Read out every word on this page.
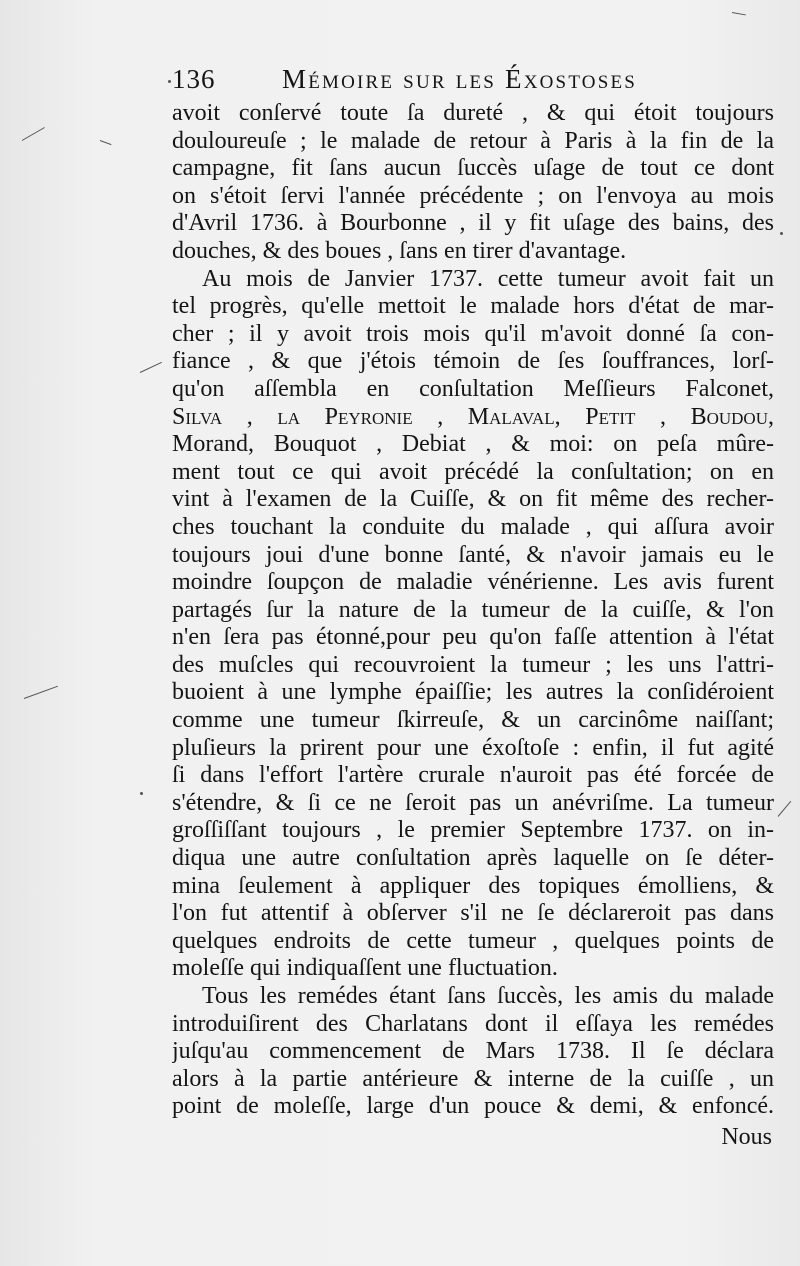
136 Mémoire sur les Éxostoses
avoit conſervé toute ſa dureté , & qui étoit toujours
douloureuſe ; le malade de retour à Paris à la fin de la
campagne, fit ſans aucun ſuccès uſage de tout ce dont
on s'étoit ſervi l'année précédente ; on l'envoya au mois
d'Avril 1736. à Bourbonne , il y fit uſage des bains, des
douches, & des boues , ſans en tirer d'avantage.
Au mois de Janvier 1737. cette tumeur avoit fait un
tel progrès, qu'elle mettoit le malade hors d'état de mar-
cher ; il y avoit trois mois qu'il m'avoit donné ſa con-
fiance , & que j'étois témoin de ſes ſouffrances, lorſ-
qu'on aſſembla en conſultation Meſſieurs Falconet,
Silva , la Peyronie , Malaval, Petit , Boudou,
Morand, Bouquot , Debiat , & moi: on peſa mûre-
ment tout ce qui avoit précédé la conſultation; on en
vint à l'examen de la Cuiſſe, & on fit même des recher-
ches touchant la conduite du malade , qui aſſura avoir
toujours joui d'une bonne ſanté, & n'avoir jamais eu le
moindre ſoupçon de maladie vénérienne. Les avis furent
partagés ſur la nature de la tumeur de la cuiſſe, & l'on
n'en ſera pas étonné,pour peu qu'on faſſe attention à l'état
des muſcles qui recouvroient la tumeur ; les uns l'attri-
buoient à une lymphe épaiſſie; les autres la conſidéroient
comme une tumeur ſkirreuſe, & un carcinôme naiſſant;
pluſieurs la prirent pour une éxoſtoſe : enfin, il fut agité
ſi dans l'effort l'artère crurale n'auroit pas été forcée de
s'étendre, & ſi ce ne ſeroit pas un anévriſme. La tumeur
groſſiſſant toujours , le premier Septembre 1737. on in-
diqua une autre conſultation après laquelle on ſe déter-
mina ſeulement à appliquer des topiques émolliens, &
l'on fut attentif à obſerver s'il ne ſe déclareroit pas dans
quelques endroits de cette tumeur , quelques points de
moleſſe qui indiquaſſent une fluctuation.
Tous les remédes étant ſans ſuccès, les amis du malade
introduiſirent des Charlatans dont il eſſaya les remédes
juſqu'au commencement de Mars 1738. Il ſe déclara
alors à la partie antérieure & interne de la cuiſſe , un
point de moleſſe, large d'un pouce & demi, & enfoncé.
Nous
